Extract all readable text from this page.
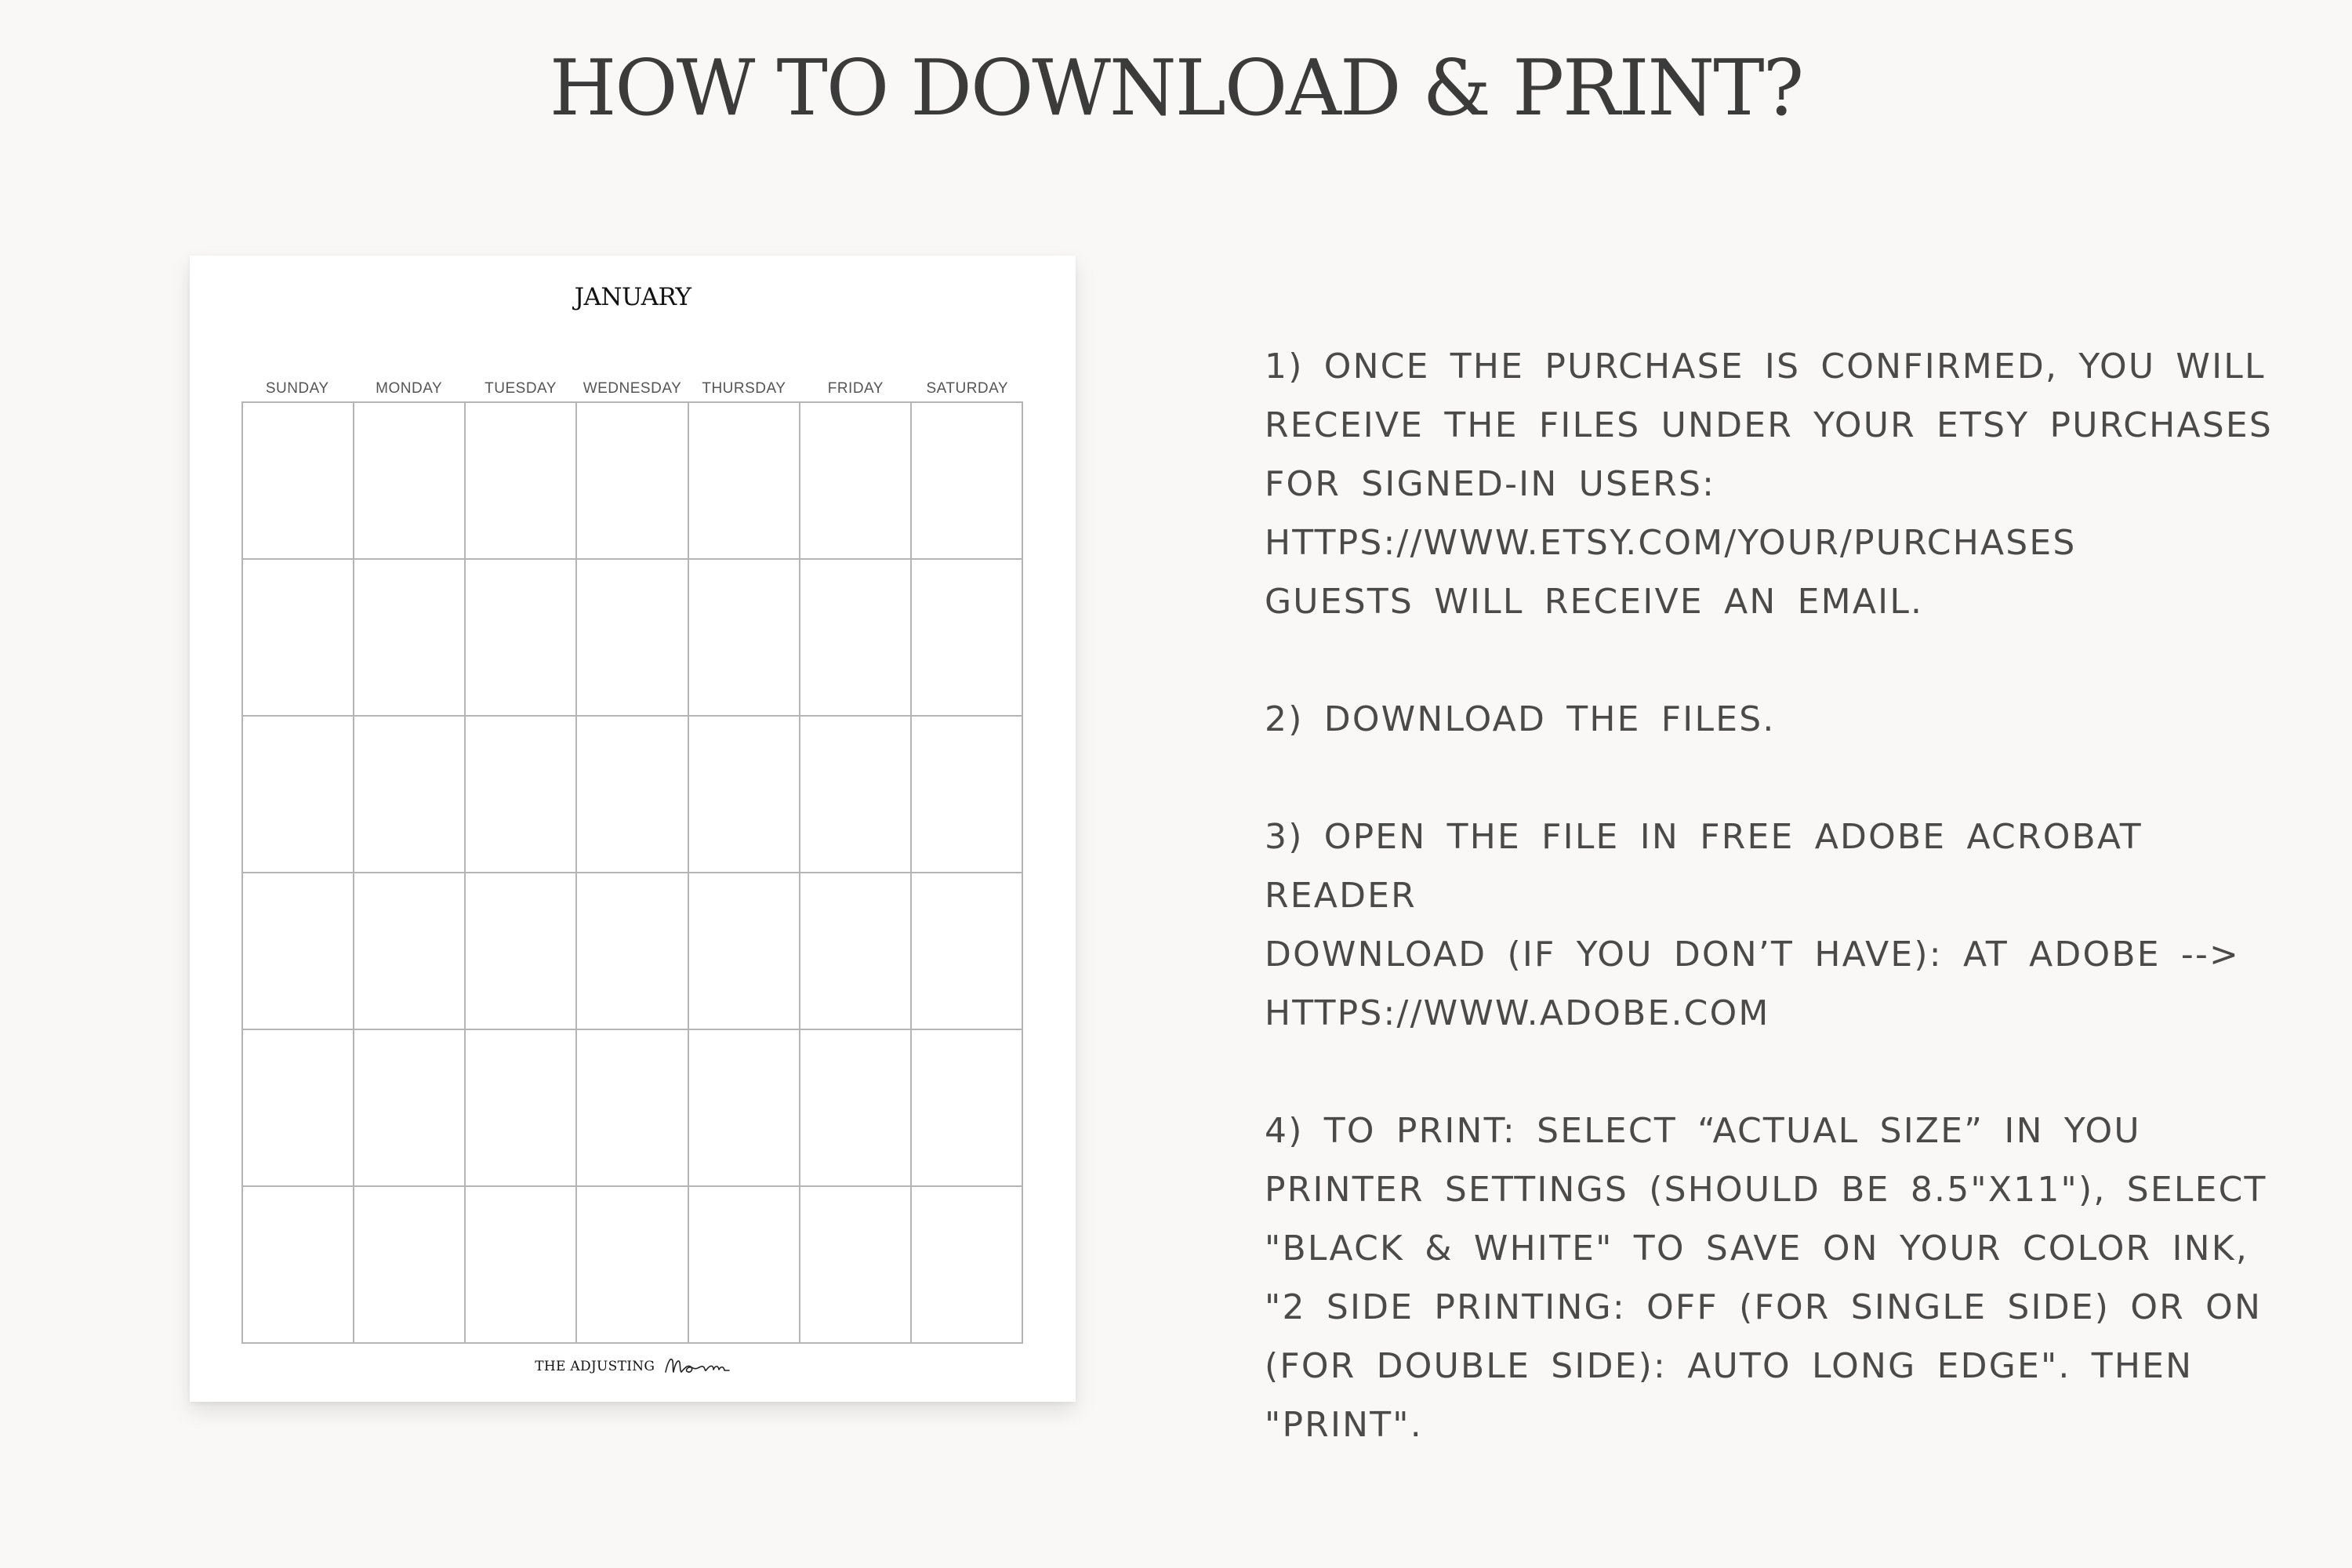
HOW TO DOWNLOAD & PRINT?
JANUARY
SUNDAY	MONDAY	TUESDAY	WEDNESDAY	THURSDAY	FRIDAY	SATURDAY
THE ADJUSTING
1) ONCE THE PURCHASE IS CONFIRMED, YOU WILL
RECEIVE THE FILES UNDER YOUR ETSY PURCHASES
FOR SIGNED-IN USERS:
HTTPS://WWW.ETSY.COM/YOUR/PURCHASES
GUESTS WILL RECEIVE AN EMAIL.
2) DOWNLOAD THE FILES.
3) OPEN THE FILE IN FREE ADOBE ACROBAT
READER
DOWNLOAD (IF YOU DON’T HAVE): AT ADOBE -->
HTTPS://WWW.ADOBE.COM
4) TO PRINT: SELECT “ACTUAL SIZE” IN YOU
PRINTER SETTINGS (SHOULD BE 8.5"X11"), SELECT
"BLACK & WHITE" TO SAVE ON YOUR COLOR INK,
"2 SIDE PRINTING: OFF (FOR SINGLE SIDE) OR ON
(FOR DOUBLE SIDE): AUTO LONG EDGE". THEN
"PRINT".
